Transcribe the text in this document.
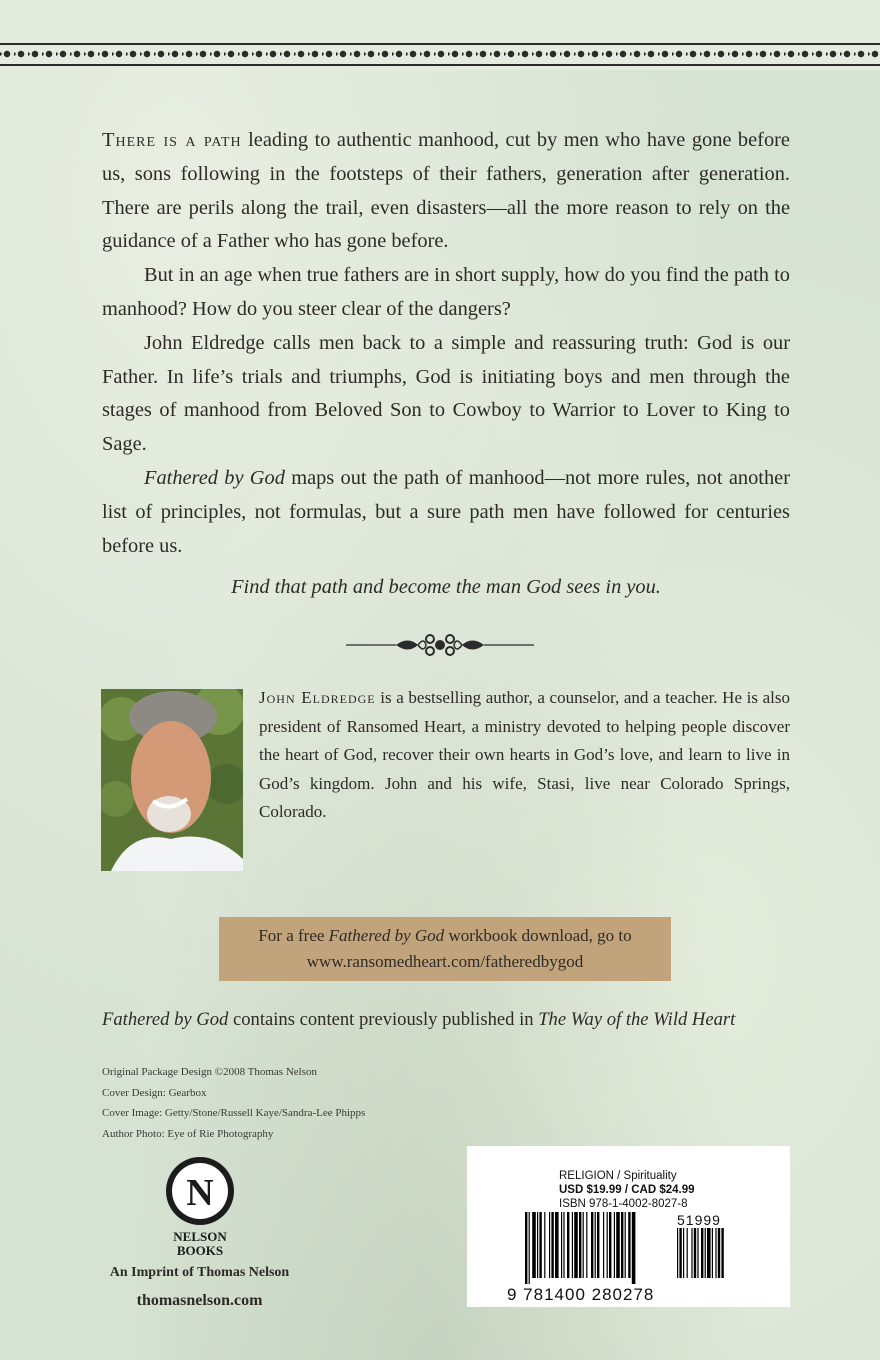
There is a path leading to authentic manhood, cut by men who have gone before us, sons following in the footsteps of their fathers, generation after generation. There are perils along the trail, even disasters—all the more reason to rely on the guidance of a Father who has gone before.

But in an age when true fathers are in short supply, how do you find the path to manhood? How do you steer clear of the dangers?

John Eldredge calls men back to a simple and reassuring truth: God is our Father. In life’s trials and triumphs, God is initiating boys and men through the stages of manhood from Beloved Son to Cowboy to Warrior to Lover to King to Sage.

Fathered by God maps out the path of manhood—not more rules, not another list of principles, not formulas, but a sure path men have followed for centuries before us.

Find that path and become the man God sees in you.
John Eldredge is a bestselling author, a counselor, and a teacher. He is also president of Ransomed Heart, a ministry devoted to helping people discover the heart of God, recover their own hearts in God’s love, and learn to live in God’s kingdom. John and his wife, Stasi, live near Colorado Springs, Colorado.
For a free Fathered by God workbook download, go to
www.ransomedheart.com/fatheredbygod
Fathered by God contains content previously published in The Way of the Wild Heart
Original Package Design ©2008 Thomas Nelson
Cover Design: Gearbox
Cover Image: Getty/Stone/Russell Kaye/Sandra-Lee Phipps
Author Photo: Eye of Rie Photography
N
NELSON
BOOKS
An Imprint of Thomas Nelson
thomasnelson.com
RELIGION / Spirituality
USD $19.99 / CAD $24.99
ISBN 978-1-4002-8027-8
51999
9 781400 280278
